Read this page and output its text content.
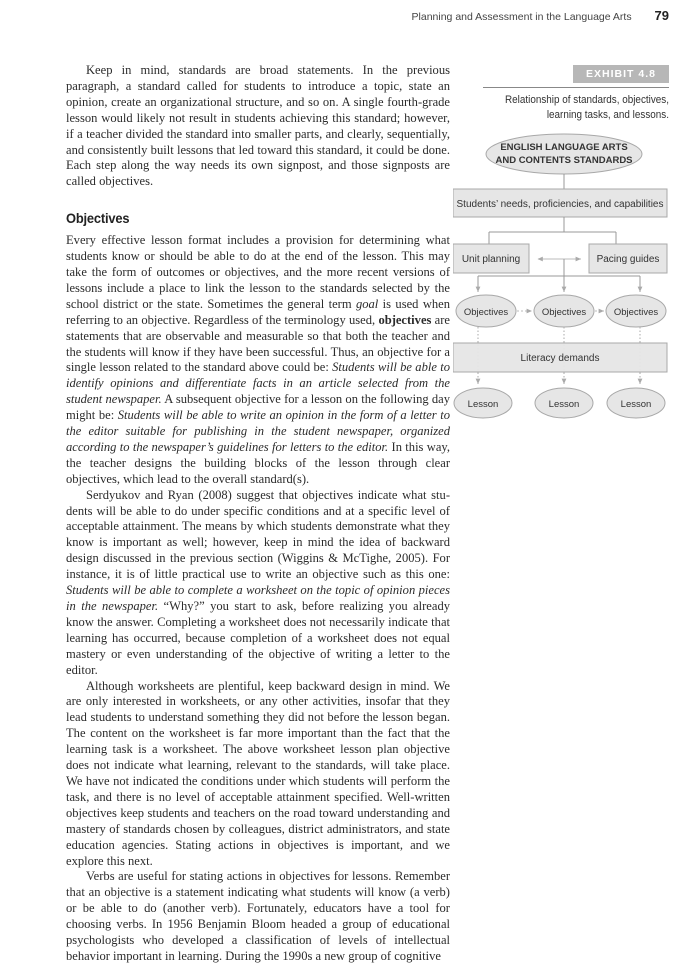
Planning and Assessment in the Language Arts 79

Keep in mind, standards are broad statements. In the previous paragraph, a standard called for students to introduce a topic, state an opinion, create an organizational structure, and so on. A single fourth-grade lesson would likely not result in students achieving this standard; however, if a teacher divided the standard into smaller parts, and clearly, sequentially, and consistently built lessons that led toward this standard, it could be done. Each step along the way needs its own signpost, and those signposts are called objectives.

Objectives

Every effective lesson format includes a provision for determining what students know or should be able to do at the end of the lesson. This may take the form of outcomes or objectives, and the more recent versions of lessons include a place to link the lesson to the standards selected by the school district or the state. Sometimes the general term goal is used when referring to an objective. Regardless of the terminology used, objectives are statements that are observable and measurable so that both the teacher and the students will know if they have been successful. Thus, an objective for a single lesson related to the standard above could be: Students will be able to identify opinions and differentiate facts in an article selected from the student newspaper. A subsequent objective for a lesson on the following day might be: Students will be able to write an opinion in the form of a letter to the editor suitable for publishing in the student newspaper, organized according to the newspaper’s guidelines for letters to the editor. In this way, the teacher designs the building blocks of the lesson through clear objectives, which lead to the overall standard(s).

Serdyukov and Ryan (2008) suggest that objectives indicate what students will be able to do under specific conditions and at a specific level of acceptable attainment. The means by which students demonstrate what they know is important as well; however, keep in mind the idea of backward design discussed in the previous section (Wiggins & McTighe, 2005). For instance, it is of little practical use to write an objective such as this one: Students will be able to complete a worksheet on the topic of opinion pieces in the newspaper. “Why?” you start to ask, before realizing you already know the answer. Completing a worksheet does not necessarily indicate that learning has occurred, because completion of a worksheet does not equal mastery or even understanding of the objective of writing a letter to the editor.

Although worksheets are plentiful, keep backward design in mind. We are only interested in worksheets, or any other activities, insofar that they lead students to understand something they did not before the lesson began. The content on the worksheet is far more important than the fact that the learning task is a worksheet. The above worksheet lesson plan objective does not indicate what learning, relevant to the standards, will take place. We have not indicated the conditions under which students will perform the task, and there is no level of acceptable attainment specified. Well-written objectives keep students and teachers on the road toward understanding and mastery of standards chosen by colleagues, district administrators, and state education agencies. Stating actions in objectives is important, and we explore this next.

Verbs are useful for stating actions in objectives for lessons. Remember that an objective is a statement indicating what students will know (a verb) or be able to do (another verb). Fortunately, educators have a tool for choosing verbs. In 1956 Benjamin Bloom headed a group of educational psychologists who developed a classification of levels of intellectual behavior important in learning. During the 1990s a new group of cognitive

EXHIBIT 4.8
Relationship of standards, objectives, learning tasks, and lessons.
ENGLISH LANGUAGE ARTS
AND CONTENTS STANDARDS
Students’ needs, proficiencies, and capabilities
Unit planning	Pacing guides
Objectives	Objectives	Objectives
Literacy demands
Lesson	Lesson	Lesson
